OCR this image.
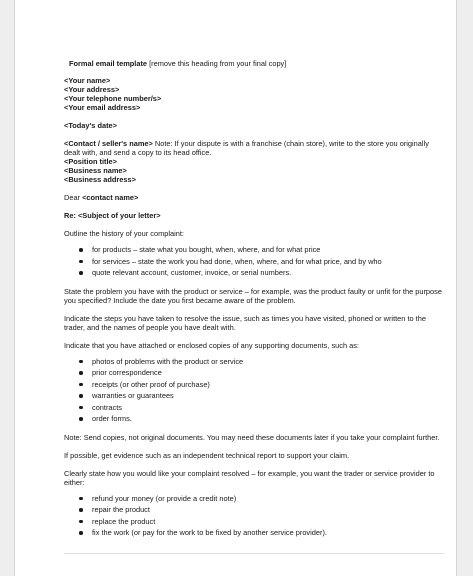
Formal email template [remove this heading from your final copy]
<Your name>
<Your address>
<Your telephone number/s>
<Your email address>
<Today's date>

<Contact / seller's name> Note: If your dispute is with a franchise (chain store), write to the store you originally dealt with, and send a copy to its head office.

<Position title>
<Business name>
<Business address>
Dear <contact name>
Re: <Subject of your letter>

Outline the history of your complaint:

for products – state what you bought, when, where, and for what price
for services – state the work you had done, when, where, and for what price, and by who
quote relevant account, customer, invoice, or serial numbers.

State the problem you have with the product or service – for example, was the product faulty or unfit for the purpose you specified? Include the date you first became aware of the problem.

Indicate the steps you have taken to resolve the issue, such as times you have visited, phoned or written to the trader, and the names of people you have dealt with.

Indicate that you have attached or enclosed copies of any supporting documents, such as:

photos of problems with the product or service
prior correspondence
receipts (or other proof of purchase)
warranties or guarantees
contracts
order forms.

Note: Send copies, not original documents. You may need these documents later if you take your complaint further.

If possible, get evidence such as an independent technical report to support your claim.

Clearly state how you would like your complaint resolved – for example, you want the trader or service provider to either:

refund your money (or provide a credit note)
repair the product
replace the product
fix the work (or pay for the work to be fixed by another service provider).
